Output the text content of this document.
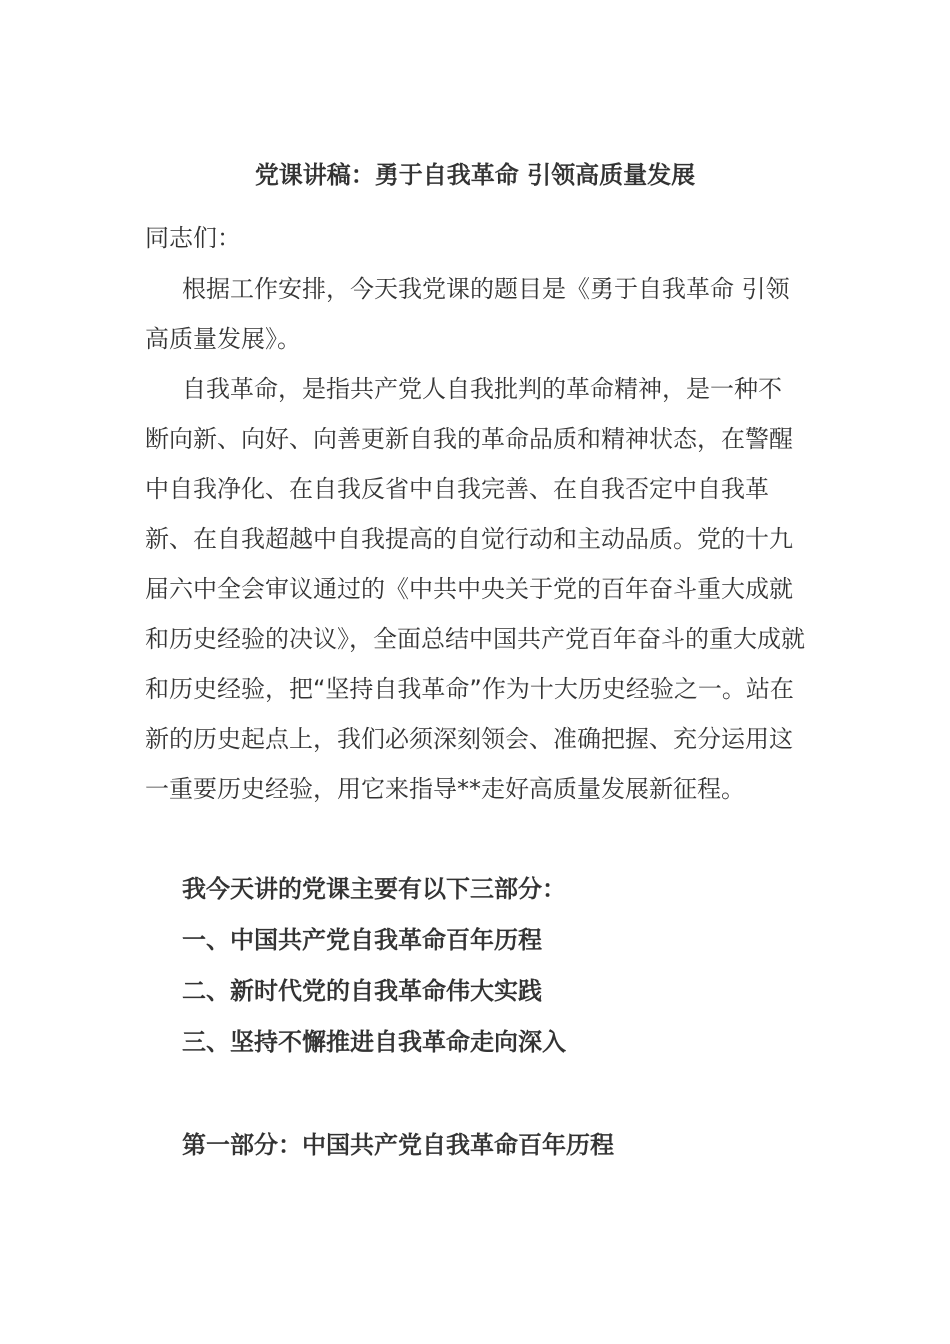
党课讲稿：勇于自我革命 引领高质量发展
同志们：

根据工作安排，今天我党课的题目是《勇于自我革命 引领高质量发展》。

自我革命，是指共产党人自我批判的革命精神，是一种不断向新、向好、向善更新自我的革命品质和精神状态，在警醒中自我净化、在自我反省中自我完善、在自我否定中自我革新、在自我超越中自我提高的自觉行动和主动品质。党的十九届六中全会审议通过的《中共中央关于党的百年奋斗重大成就和历史经验的决议》，全面总结中国共产党百年奋斗的重大成就和历史经验，把“坚持自我革命”作为十大历史经验之一。站在新的历史起点上，我们必须深刻领会、准确把握、充分运用这一重要历史经验，用它来指导**走好高质量发展新征程。

我今天讲的党课主要有以下三部分：
一、中国共产党自我革命百年历程
二、新时代党的自我革命伟大实践
三、坚持不懈推进自我革命走向深入
第一部分：中国共产党自我革命百年历程
